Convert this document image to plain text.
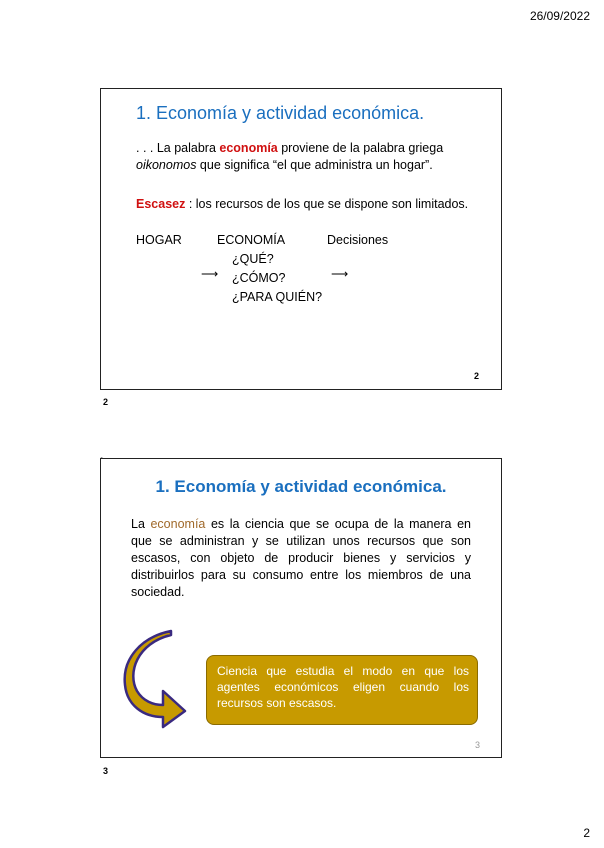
26/09/2022
1. Economía y actividad económica.
. . . La palabra economía proviene de la palabra griega oikonomos que significa “el que administra un hogar”.
Escasez : los recursos de los que se dispone son limitados.
HOGAR	ECONOMÍA	Decisiones
¿QUÉ?
⟶ ¿CÓMO?	⟶
¿PARA QUIÉN?
2
2
1. Economía y actividad económica.
La economía es la ciencia que se ocupa de la manera en que se administran y se utilizan unos recursos que son escasos, con objeto de producir bienes y servicios y distribuirlos para su consumo entre los miembros de una sociedad.
Ciencia que estudia el modo en que los agentes económicos eligen cuando los recursos son escasos.
3
3
2
